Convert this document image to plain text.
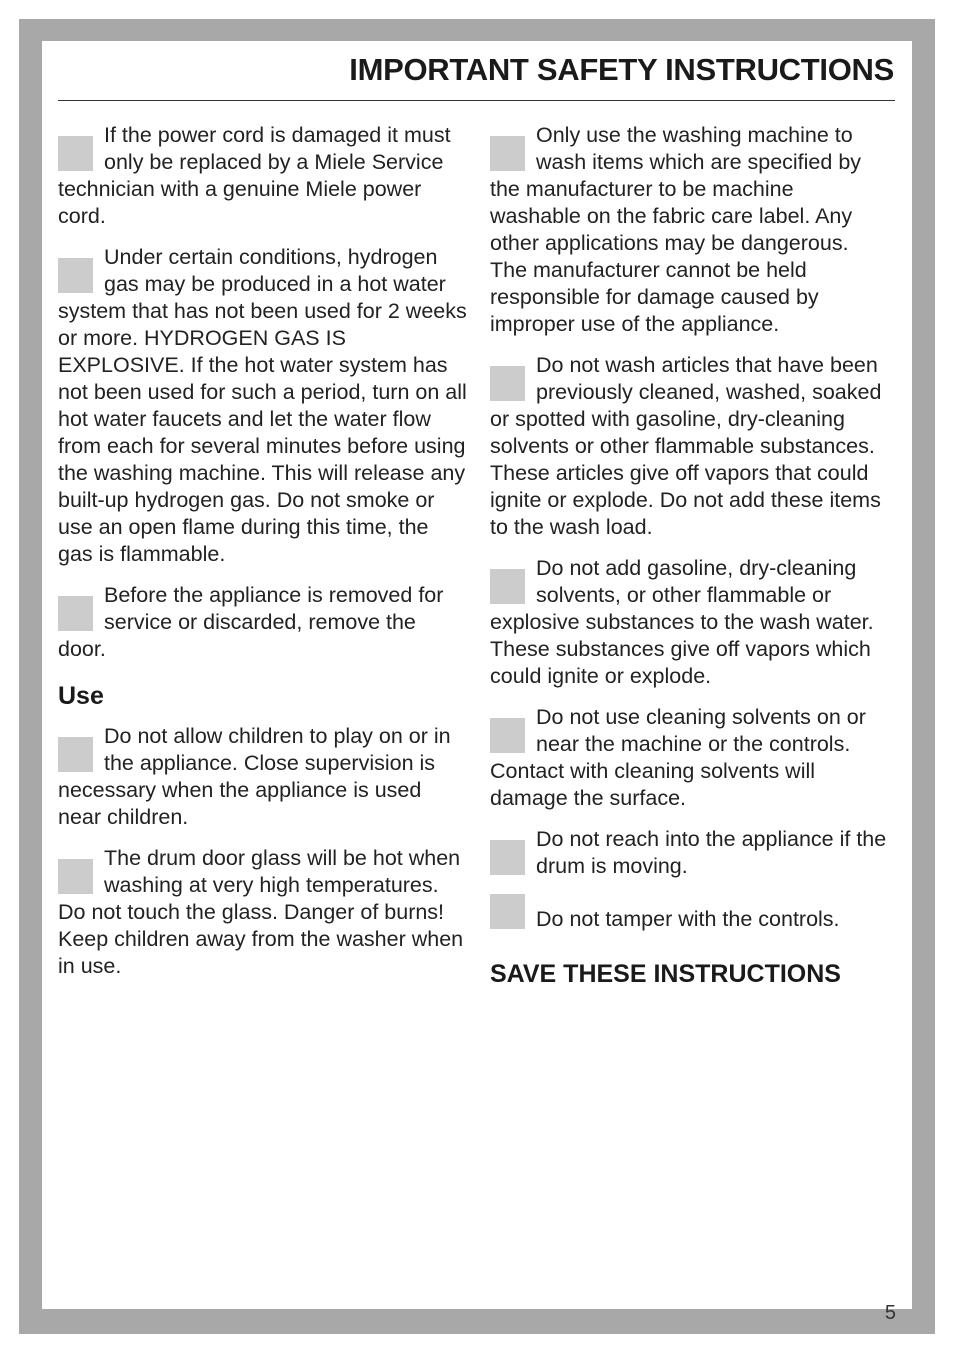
IMPORTANT SAFETY INSTRUCTIONS

If the power cord is damaged it must only be replaced by a Miele Service technician with a genuine Miele power cord.

Under certain conditions, hydrogen gas may be produced in a hot water system that has not been used for 2 weeks or more. HYDROGEN GAS IS EXPLOSIVE. If the hot water system has not been used for such a period, turn on all hot water faucets and let the water flow from each for several minutes before using the washing machine. This will release any built-up hydrogen gas. Do not smoke or use an open flame during this time, the gas is flammable.

Before the appliance is removed for service or discarded, remove the door.

Use

Do not allow children to play on or in the appliance. Close supervision is necessary when the appliance is used near children.

The drum door glass will be hot when washing at very high temperatures.

Do not touch the glass. Danger of burns! Keep children away from the washer when in use.

Only use the washing machine to wash items which are specified by the manufacturer to be machine washable on the fabric care label. Any other applications may be dangerous. The manufacturer cannot be held responsible for damage caused by improper use of the appliance.

Do not wash articles that have been previously cleaned, washed, soaked or spotted with gasoline, dry-cleaning solvents or other flammable substances. These articles give off vapors that could ignite or explode. Do not add these items to the wash load.

Do not add gasoline, dry-cleaning solvents, or other flammable or explosive substances to the wash water. These substances give off vapors which could ignite or explode.

Do not use cleaning solvents on or near the machine or the controls. Contact with cleaning solvents will damage the surface.

Do not reach into the appliance if the drum is moving.

Do not tamper with the controls.

SAVE THESE INSTRUCTIONS
5
